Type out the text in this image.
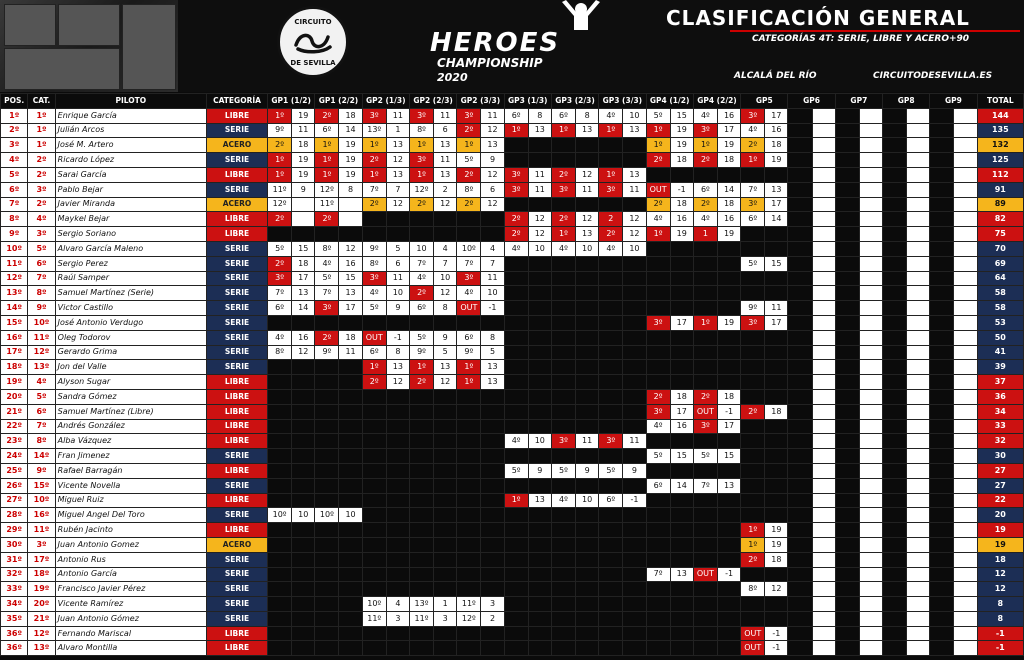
CIRCUITO
DE SEVILLA
HEROES
CHAMPIONSHIP
2020
CLASIFICACIÓN GENERAL
CATEGORÍAS 4T: SERIE, LIBRE Y ACERO+90
ALCALÁ DEL RÍO	CIRCUITODESEVILLA.ES
POS.	CAT.	PILOTO	CATEGORÍA	GP1 (1/2)		GP1 (2/2)		GP2 (1/3)		GP2 (2/3)		GP2 (3/3)		GP3 (1/3)		GP3 (2/3)		GP3 (3/3)		GP4 (1/2)		GP4 (2/2)		GP5		GP6		GP7		GP8		GP9		TOTAL
1º	1º	Enrique García	LIBRE	1º	19	2º	18	3º	11	3º	11	3º	11	6º	8	6º	8	4º	10	5º	15	4º	16	3º	17									144
2º	1º	Julián Arcos	SERIE	9º	11	6º	14	13º	1	8º	6	2º	12	1º	13	1º	13	1º	13	1º	19	3º	17	4º	16									135
3º	1º	José M. Artero	ACERO	2º	18	1º	19	1º	13	1º	13	1º	13							1º	19	1º	19	2º	18									132
4º	2º	Ricardo López	SERIE	1º	19	1º	19	2º	12	3º	11	5º	9							2º	18	2º	18	1º	19									125
5º	2º	Sarai García	LIBRE	1º	19	1º	19	1º	13	1º	13	2º	12	3º	11	2º	12	1º	13															112
6º	3º	Pablo Bejar	SERIE	11º	9	12º	8	7º	7	12º	2	8º	6	3º	11	3º	11	3º	11	OUT	-1	6º	14	7º	13									91
7º	2º	Javier Miranda	ACERO	12º		11º		2º	12	2º	12	2º	12							2º	18	2º	18	3º	17									89
8º	4º	Maykel Bejar	LIBRE	2º		2º								2º	12	2º	12	2	12	4º	16	4º	16	6º	14									82
9º	3º	Sergio Soriano	LIBRE											2º	12	1º	13	2º	12	1º	19	1	19											75
10º	5º	Alvaro García Maleno	SERIE	5º	15	8º	12	9º	5	10	4	10º	4	4º	10	4º	10	4º	10															70
11º	6º	Sergio Perez	SERIE	2º	18	4º	16	8º	6	7º	7	7º	7											5º	15									69
12º	7º	Raúl Samper	SERIE	3º	17	5º	15	3º	11	4º	10	3º	11																					64
13º	8º	Samuel Martínez (Serie)	SERIE	7º	13	7º	13	4º	10	2º	12	4º	10																					58
14º	9º	Victor Castillo	SERIE	6º	14	3º	17	5º	9	6º	8	OUT	-1											9º	11									58
15º	10º	José Antonio Verdugo	SERIE																	3º	17	1º	19	3º	17									53
16º	11º	Oleg Todorov	SERIE	4º	16	2º	18	OUT	-1	5º	9	6º	8																					50
17º	12º	Gerardo Grima	SERIE	8º	12	9º	11	6º	8	9º	5	9º	5																					41
18º	13º	Jon del Valle	SERIE					1º	13	1º	13	1º	13																					39
19º	4º	Alyson Sugar	LIBRE					2º	12	2º	12	1º	13																					37
20º	5º	Sandra Gómez	LIBRE																	2º	18	2º	18											36
21º	6º	Samuel Martínez (Libre)	LIBRE																	3º	17	OUT	-1	2º	18									34
22º	7º	Andrés González	LIBRE																	4º	16	3º	17											33
23º	8º	Alba Vázquez	LIBRE											4º	10	3º	11	3º	11															32
24º	14º	Fran Jimenez	SERIE																	5º	15	5º	15											30
25º	9º	Rafael Barragán	LIBRE											5º	9	5º	9	5º	9															27
26º	15º	Vicente Novella	SERIE																	6º	14	7º	13											27
27º	10º	Miguel Ruiz	LIBRE											1º	13	4º	10	6º	-1															22
28º	16º	Miguel Angel Del Toro	SERIE	10º	10	10º	10																											20
29º	11º	Rubén Jacinto	LIBRE																					1º	19									19
30º	3º	Juan Antonio Gomez	ACERO																					1º	19									19
31º	17º	Antonio Rus	SERIE																					2º	18									18
32º	18º	Antonio García	SERIE																	7º	13	OUT	-1											12
33º	19º	Francisco Javier Pérez	SERIE																					8º	12									12
34º	20º	Vicente Ramírez	SERIE					10º	4	13º	1	11º	3																					8
35º	21º	Juan Antonio Gómez	SERIE					11º	3	11º	3	12º	2																					8
36º	12º	Fernando Mariscal	LIBRE																					OUT	-1									-1
36º	13º	Alvaro Montilla	LIBRE																					OUT	-1									-1
